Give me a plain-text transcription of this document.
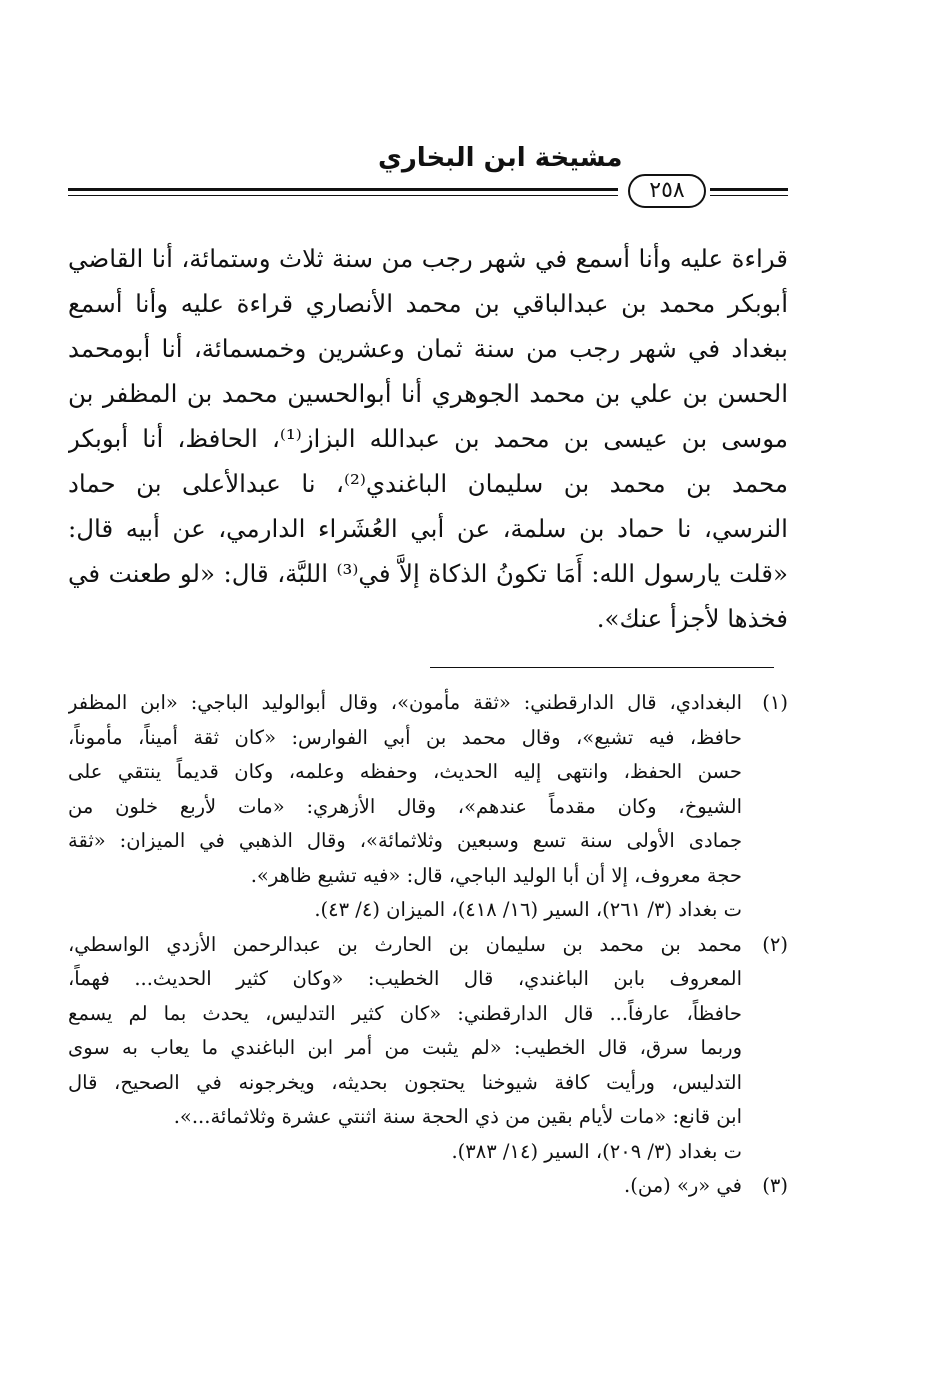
مشيخة ابن البخاري
٢٥٨
قراءة عليه وأنا أسمع في شهر رجب من سنة ثلاث وستمائة، أنا القاضي
أبوبكر محمد بن عبدالباقي بن محمد الأنصاري قراءة عليه وأنا أسمع
ببغداد في شهر رجب من سنة ثمان وعشرين وخمسمائة، أنا أبومحمد
الحسن بن علي بن محمد الجوهري أنا أبوالحسين محمد بن المظفر بن
موسى بن عيسى بن محمد بن عبدالله البزاز⁽¹⁾، الحافظ، أنا أبوبكر
محمد بن محمد بن سليمان الباغندي⁽²⁾، نا عبدالأعلى بن حماد
النرسي، نا حماد بن سلمة، عن أبي العُشَراء الدارمي، عن أبيه قال:
«قلت يارسول الله: أَمَا تكونُ الذكاة إلاَّ في⁽³⁾ اللبَّة، قال: «لو طعنت في
فخذها لأجزأ عنك».
(١)
البغدادي، قال الدارقطني: «ثقة مأمون»، وقال أبوالوليد الباجي: «ابن المظفر
حافظ، فيه تشيع»، وقال محمد بن أبي الفوارس: «كان ثقة أميناً، مأموناً،
حسن الحفظ، وانتهى إليه الحديث، وحفظه وعلمه، وكان قديماً ينتقي على
الشيوخ، وكان مقدماً عندهم»، وقال الأزهري: «مات لأربع خلون من
جمادى الأولى سنة تسع وسبعين وثلاثمائة»، وقال الذهبي في الميزان: «ثقة
حجة معروف، إلا أن أبا الوليد الباجي، قال: «فيه تشيع ظاهر».
ت بغداد (٣/ ٢٦١)، السير (١٦/ ٤١٨)، الميزان (٤/ ٤٣).
(٢)
محمد بن محمد بن سليمان بن الحارث بن عبدالرحمن الأزدي الواسطي،
المعروف بابن الباغندي، قال الخطيب: «وكان كثير الحديث... فهماً،
حافظاً، عارفاً... قال الدارقطني: «كان كثير التدليس، يحدث بما لم يسمع
وربما سرق، قال الخطيب: «لم يثبت من أمر ابن الباغندي ما يعاب به سوى
التدليس، ورأيت كافة شيوخنا يحتجون بحديثه، ويخرجونه في الصحيح، قال
ابن قانع: «مات لأيام بقين من ذي الحجة سنة اثنتي عشرة وثلاثمائة...».
ت بغداد (٣/ ٢٠٩)، السير (١٤/ ٣٨٣).
(٣)
في «ر» (من).
